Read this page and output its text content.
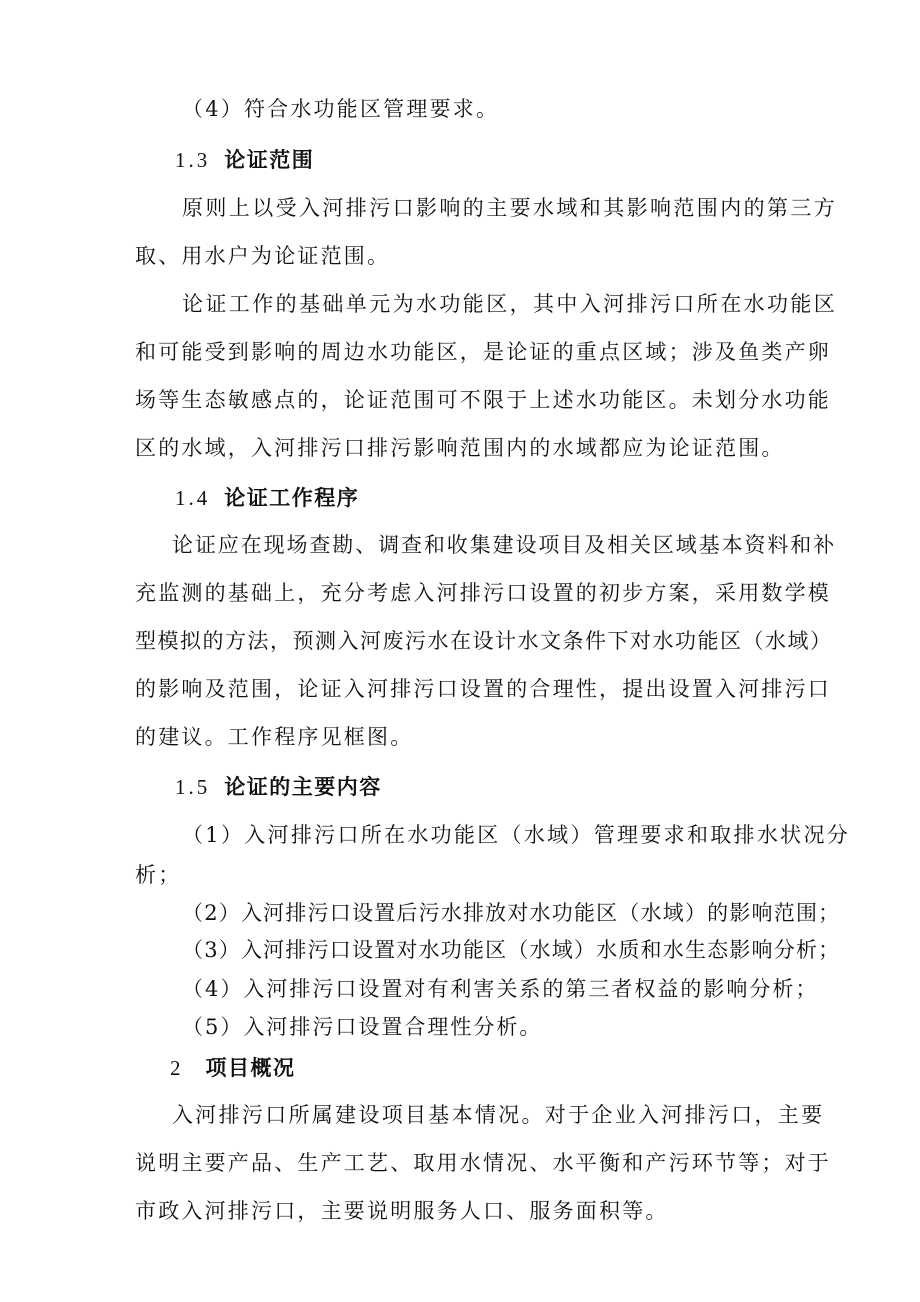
（4）符合水功能区管理要求。
1.3 论证范围
原则上以受入河排污口影响的主要水域和其影响范围内的第三方
取、用水户为论证范围。
论证工作的基础单元为水功能区，其中入河排污口所在水功能区
和可能受到影响的周边水功能区，是论证的重点区域；涉及鱼类产卵
场等生态敏感点的，论证范围可不限于上述水功能区。未划分水功能
区的水域，入河排污口排污影响范围内的水域都应为论证范围。
1.4 论证工作程序
论证应在现场查勘、调查和收集建设项目及相关区域基本资料和补
充监测的基础上，充分考虑入河排污口设置的初步方案，采用数学模
型模拟的方法，预测入河废污水在设计水文条件下对水功能区（水域）
的影响及范围，论证入河排污口设置的合理性，提出设置入河排污口
的建议。工作程序见框图。
1.5 论证的主要内容
（1）入河排污口所在水功能区（水域）管理要求和取排水状况分
析；
（2）入河排污口设置后污水排放对水功能区（水域）的影响范围；
（3）入河排污口设置对水功能区（水域）水质和水生态影响分析；
（4）入河排污口设置对有利害关系的第三者权益的影响分析；
（5）入河排污口设置合理性分析。
2 项目概况
入河排污口所属建设项目基本情况。对于企业入河排污口，主要
说明主要产品、生产工艺、取用水情况、水平衡和产污环节等；对于
市政入河排污口，主要说明服务人口、服务面积等。
